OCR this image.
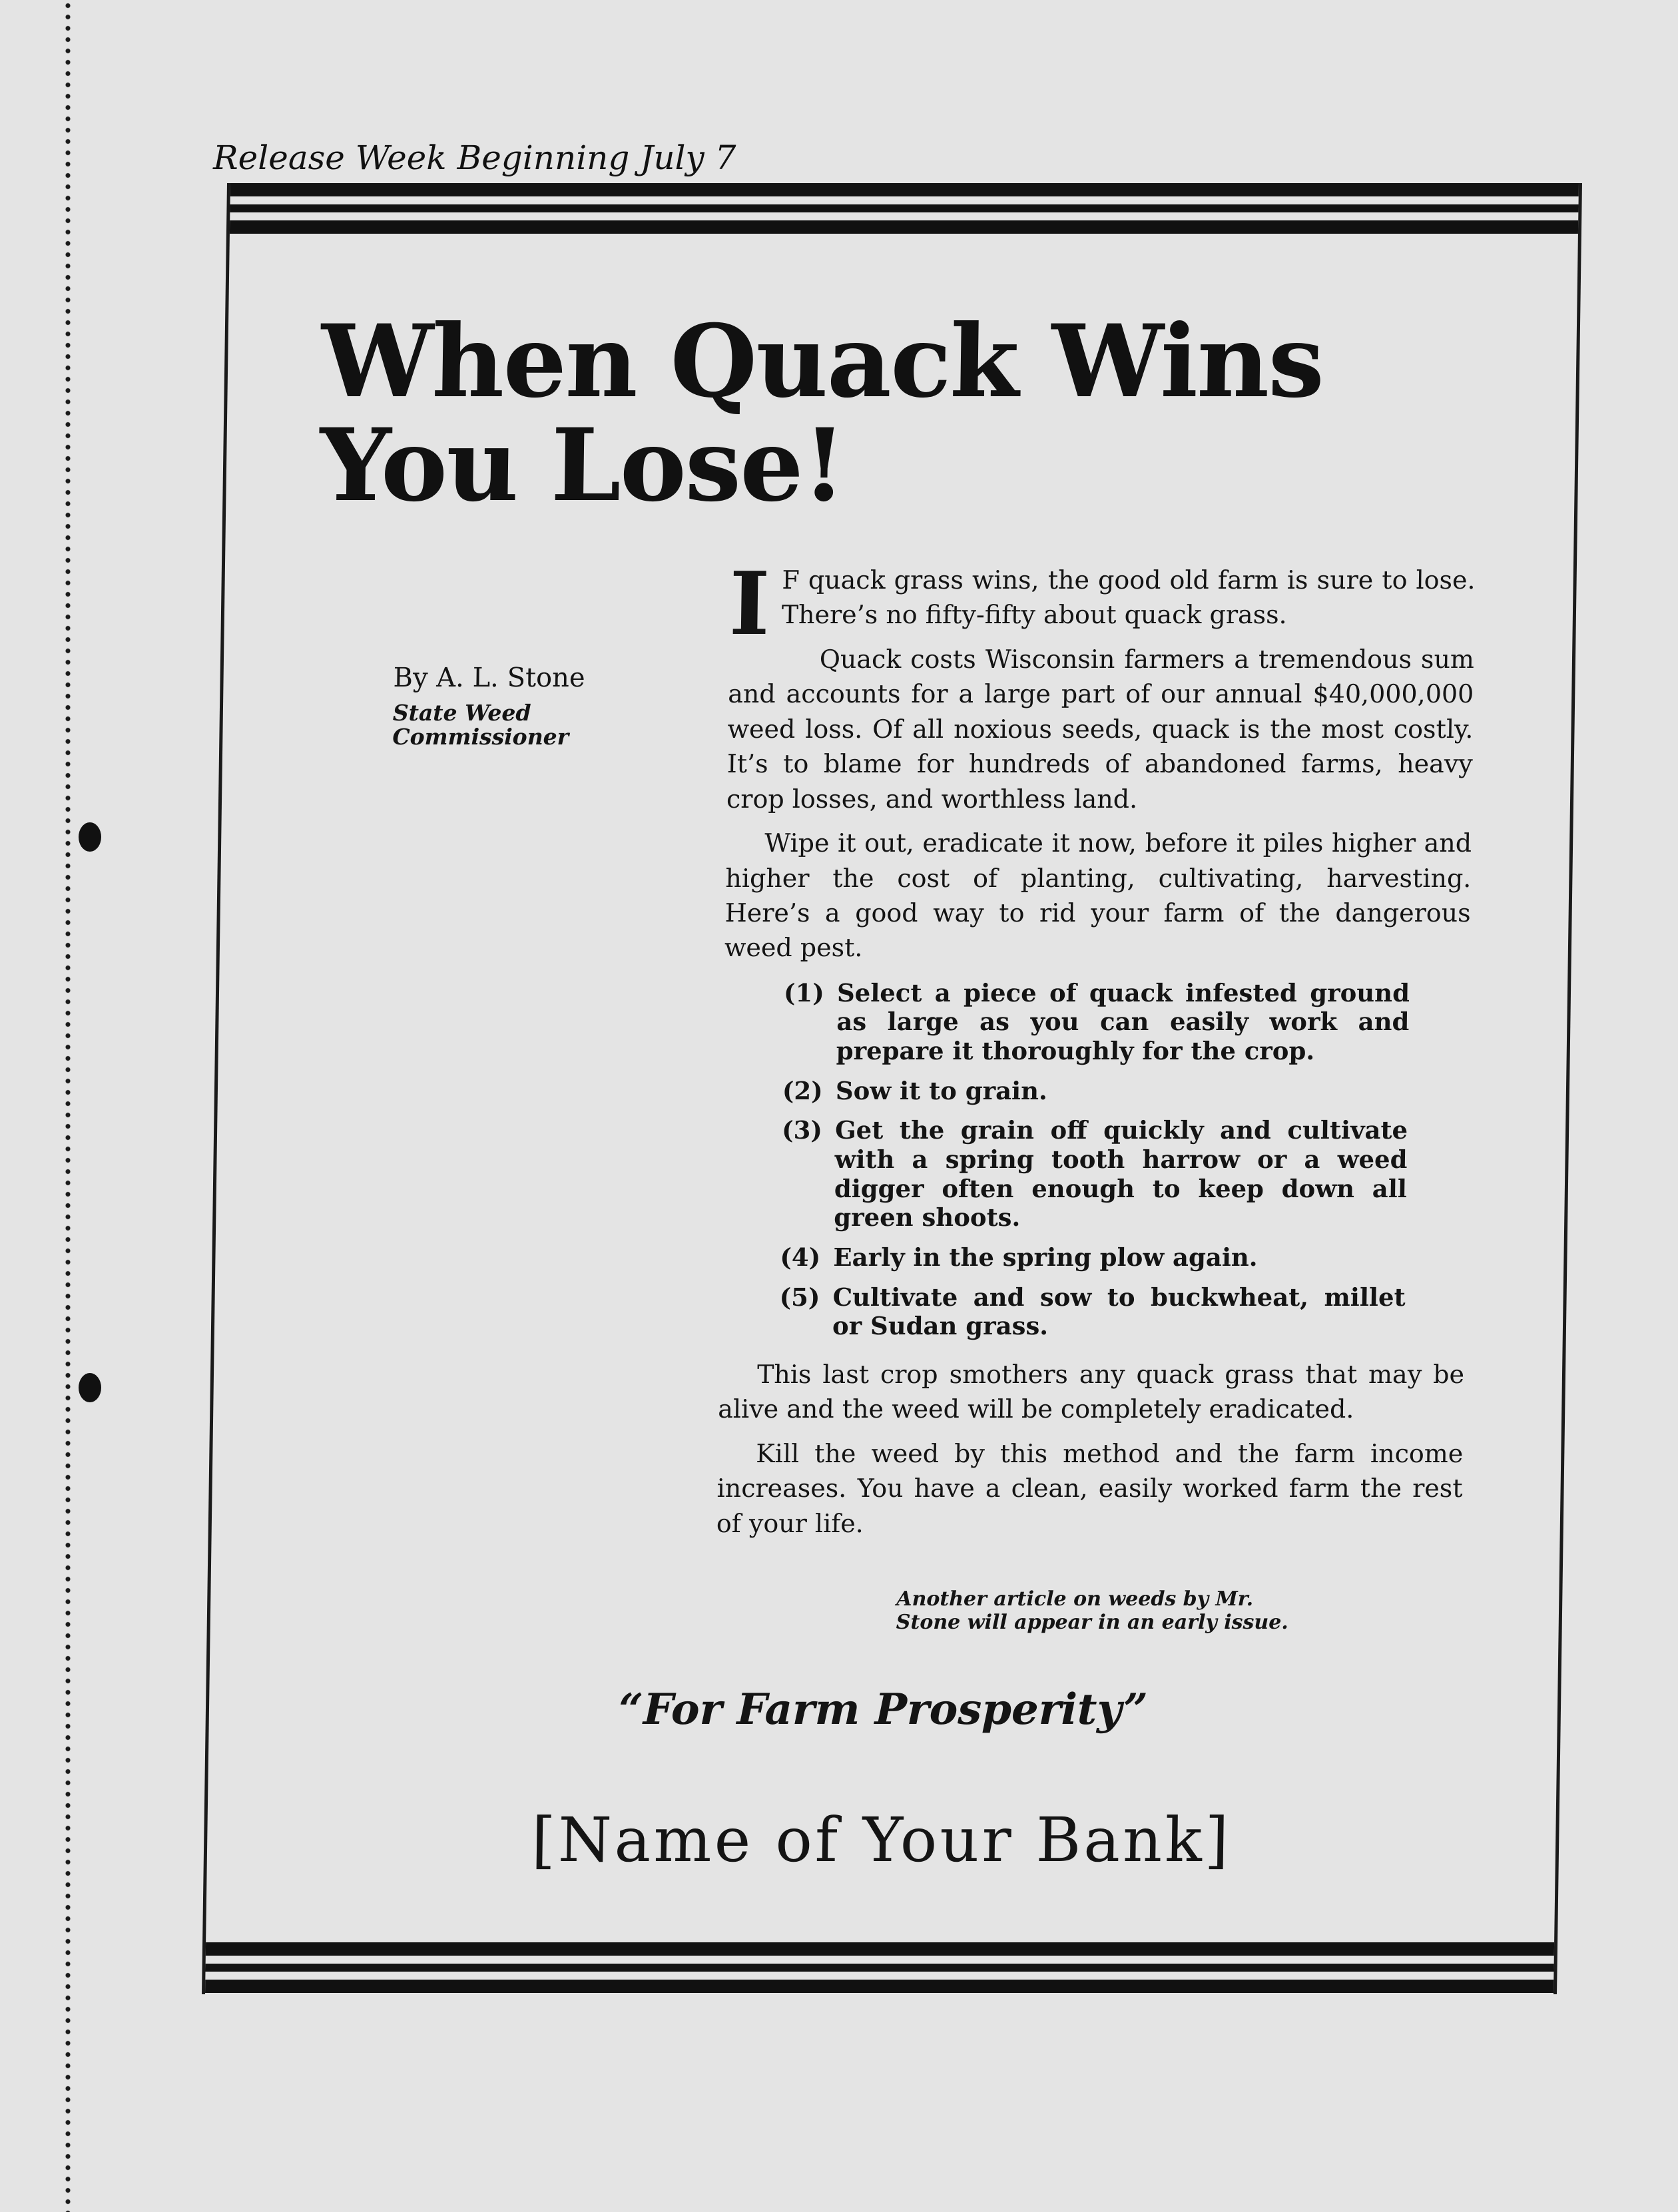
Release Week Beginning July 7
When Quack Wins
You Lose!
By A. L. Stone
State Weed Commissioner

I F quack grass wins, the good old farm is sure to lose. There’s no fifty-fifty about quack grass.

Quack costs Wisconsin farmers a tremendous sum and accounts for a large part of our annual $40,000,000 weed loss. Of all noxious seeds, quack is the most costly. It’s to blame for hundreds of abandoned farms, heavy crop losses, and worthless land.

Wipe it out, eradicate it now, before it piles higher and higher the cost of planting, cultivating, harvesting. Here’s a good way to rid your farm of the dangerous weed pest.

(1) Select a piece of quack infested ground as large as you can easily work and prepare it thoroughly for the crop.
(2) Sow it to grain.
(3) Get the grain off quickly and cultivate with a spring tooth harrow or a weed digger often enough to keep down all green shoots.
(4) Early in the spring plow again.
(5) Cultivate and sow to buckwheat, millet or Sudan grass.

This last crop smothers any quack grass that may be alive and the weed will be completely eradicated.

Kill the weed by this method and the farm income increases. You have a clean, easily worked farm the rest of your life.

Another article on weeds by Mr. Stone will appear in an early issue.
“For Farm Prosperity”
[Name of Your Bank]
